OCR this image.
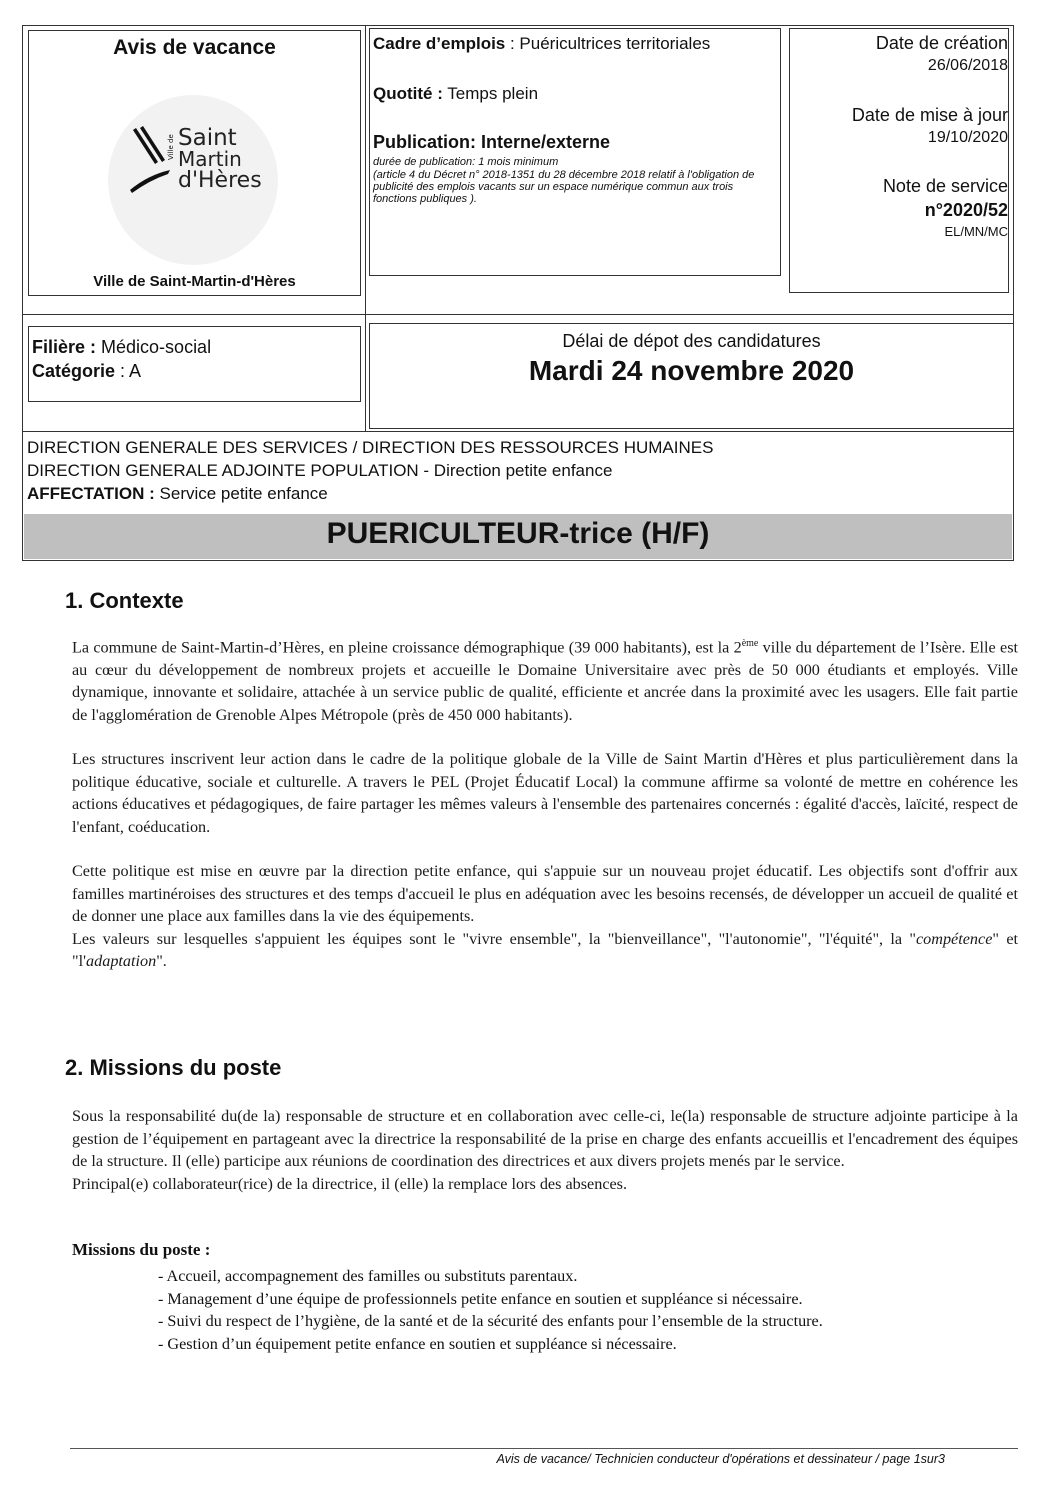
Avis de vacance
Ville de Saint
Martin
d'Hères
Ville de Saint-Martin-d'Hères
Cadre d’emplois : Puéricultrices territoriales
Quotité : Temps plein
Publication: Interne/externe
durée de publication: 1 mois minimum
(article 4 du Décret n° 2018-1351 du 28 décembre 2018 relatif à l'obligation de publicité des emplois vacants sur un espace numérique commun aux trois fonctions publiques ).
Date de création
26/06/2018
Date de mise à jour
19/10/2020
Note de service
n°2020/52
EL/MN/MC
Filière : Médico-social
Catégorie : A
Délai de dépot des candidatures
Mardi 24 novembre 2020
DIRECTION GENERALE DES SERVICES / DIRECTION DES RESSOURCES HUMAINES
DIRECTION GENERALE ADJOINTE POPULATION - Direction petite enfance
AFFECTATION : Service petite enfance
PUERICULTEUR-trice (H/F)
1. Contexte

La commune de Saint-Martin-d’Hères, en pleine croissance démographique (39 000 habitants), est la 2ème ville du département de l’Isère. Elle est au cœur du développement de nombreux projets et accueille le Domaine Universitaire avec près de 50 000 étudiants et employés. Ville dynamique, innovante et solidaire, attachée à un service public de qualité, efficiente et ancrée dans la proximité avec les usagers. Elle fait partie de l'agglomération de Grenoble Alpes Métropole (près de 450 000 habitants).

Les structures inscrivent leur action dans le cadre de la politique globale de la Ville de Saint Martin d'Hères et plus particulièrement dans la politique éducative, sociale et culturelle. A travers le PEL (Projet Éducatif Local) la commune affirme sa volonté de mettre en cohérence les actions éducatives et pédagogiques, de faire partager les mêmes valeurs à l'ensemble des partenaires concernés : égalité d'accès, laïcité, respect de l'enfant, coéducation.

Cette politique est mise en œuvre par la direction petite enfance, qui s'appuie sur un nouveau projet éducatif. Les objectifs sont d'offrir aux familles martinéroises des structures et des temps d'accueil le plus en adéquation avec les besoins recensés, de développer un accueil de qualité et de donner une place aux familles dans la vie des équipements.

Les valeurs sur lesquelles s'appuient les équipes sont le "vivre ensemble", la "bienveillance", "l'autonomie", "l'équité", la "compétence" et "l'adaptation".

2. Missions du poste

Sous la responsabilité du(de la) responsable de structure et en collaboration avec celle-ci, le(la) responsable de structure adjointe participe à la gestion de l’équipement en partageant avec la directrice la responsabilité de la prise en charge des enfants accueillis et l'encadrement des équipes de la structure. Il (elle) participe aux réunions de coordination des directrices et aux divers projets menés par le service.

Principal(e) collaborateur(rice) de la directrice, il (elle) la remplace lors des absences.

Missions du poste :
- Accueil, accompagnement des familles ou substituts parentaux.
- Management d’une équipe de professionnels petite enfance en soutien et suppléance si nécessaire.
- Suivi du respect de l’hygiène, de la santé et de la sécurité des enfants pour l’ensemble de la structure.
- Gestion d’un équipement petite enfance en soutien et suppléance si nécessaire.
Avis de vacance/ Technicien conducteur d'opérations et dessinateur / page 1sur3
